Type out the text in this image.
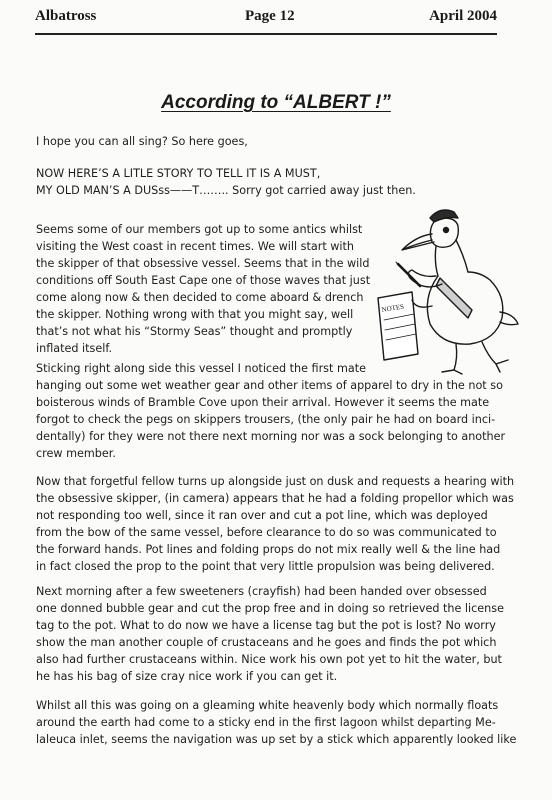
Albatross	Page 12	April 2004
According to “ALBERT !”

I hope you can all sing? So here goes,

NOW HERE’S A LITLE STORY TO TELL IT IS A MUST,
MY OLD MAN’S A DUSss——T…….. Sorry got carried away just then.

Seems some of our members got up to some antics whilst
visiting the West coast in recent times. We will start with
the skipper of that obsessive vessel. Seems that in the wild
conditions off South East Cape one of those waves that just
come along now & then decided to come aboard & drench
the skipper. Nothing wrong with that you might say, well
that’s not what his “Stormy Seas” thought and promptly
inflated itself.

Sticking right along side this vessel I noticed the first mate
hanging out some wet weather gear and other items of apparel to dry in the not so
boisterous winds of Bramble Cove upon their arrival. However it seems the mate
forgot to check the pegs on skippers trousers, (the only pair he had on board inci-
dentally) for they were not there next morning nor was a sock belonging to another
crew member.

Now that forgetful fellow turns up alongside just on dusk and requests a hearing with
the obsessive skipper, (in camera) appears that he had a folding propellor which was
not responding too well, since it ran over and cut a pot line, which was deployed
from the bow of the same vessel, before clearance to do so was communicated to
the forward hands. Pot lines and folding props do not mix really well & the line had
in fact closed the prop to the point that very little propulsion was being delivered.

Next morning after a few sweeteners (crayfish) had been handed over obsessed
one donned bubble gear and cut the prop free and in doing so retrieved the license
tag to the pot. What to do now we have a license tag but the pot is lost? No worry
show the man another couple of crustaceans and he goes and finds the pot which
also had further crustaceans within. Nice work his own pot yet to hit the water, but
he has his bag of size cray nice work if you can get it.

Whilst all this was going on a gleaming white heavenly body which normally floats
around the earth had come to a sticky end in the first lagoon whilst departing Me-
laleuca inlet, seems the navigation was up set by a stick which apparently looked like

NOTES
